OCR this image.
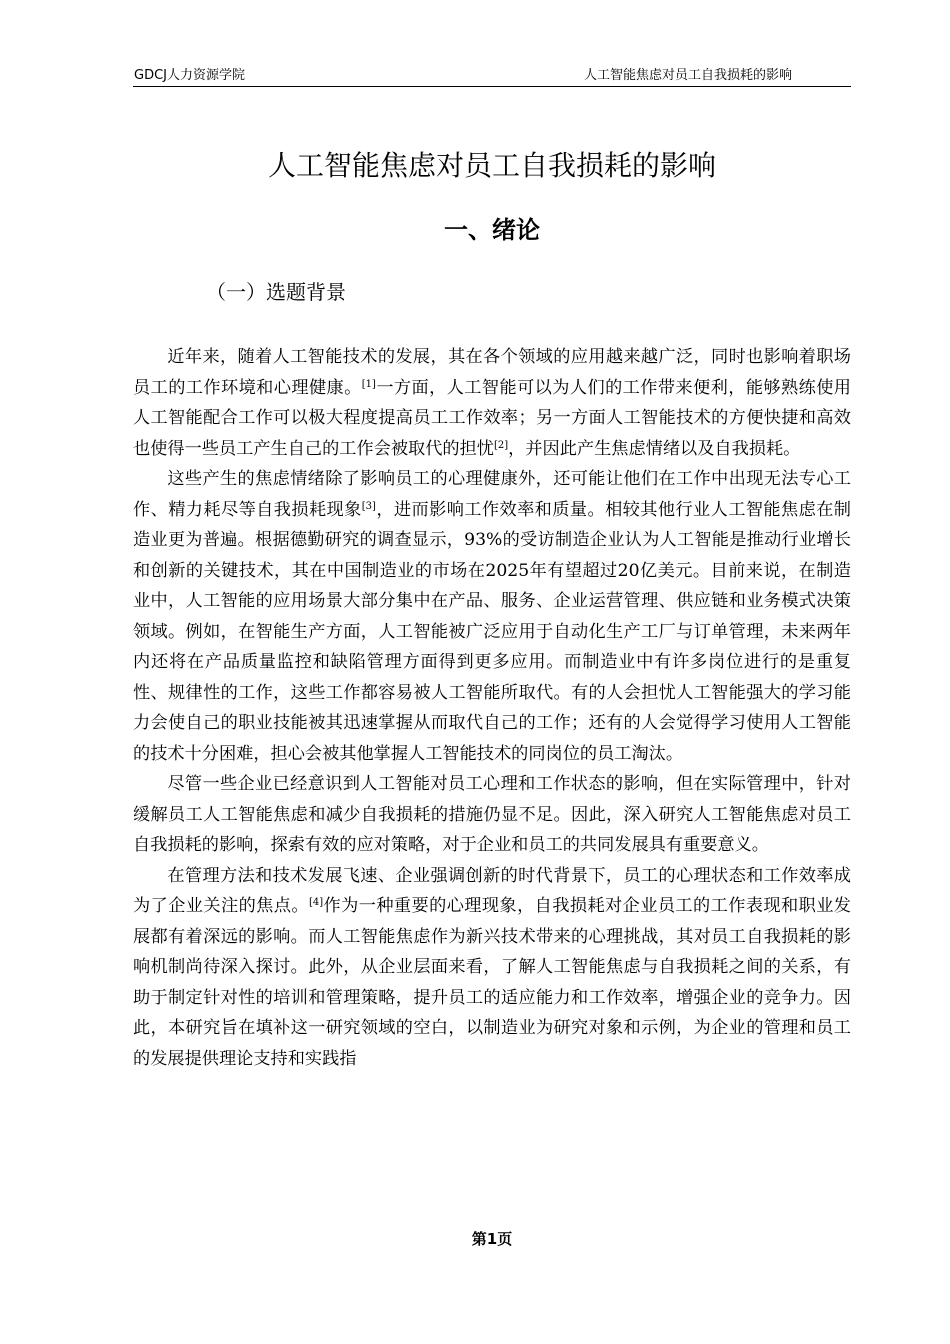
GDCJ人力资源学院	人工智能焦虑对员工自我损耗的影响
人工智能焦虑对员工自我损耗的影响
一、绪论
（一）选题背景

近年来，随着人工智能技术的发展，其在各个领域的应用越来越广泛，同时也影响着职场员工的工作环境和心理健康。[1]一方面，人工智能可以为人们的工作带来便利，能够熟练使用人工智能配合工作可以极大程度提高员工工作效率；另一方面人工智能技术的方便快捷和高效也使得一些员工产生自己的工作会被取代的担忧[2]，并因此产生焦虑情绪以及自我损耗。

这些产生的焦虑情绪除了影响员工的心理健康外，还可能让他们在工作中出现无法专心工作、精力耗尽等自我损耗现象[3]，进而影响工作效率和质量。相较其他行业人工智能焦虑在制造业更为普遍。根据德勤研究的调查显示，93%的受访制造企业认为人工智能是推动行业增长和创新的关键技术，其在中国制造业的市场在2025年有望超过20亿美元。目前来说，在制造业中，人工智能的应用场景大部分集中在产品、服务、企业运营管理、供应链和业务模式决策领域。例如，在智能生产方面，人工智能被广泛应用于自动化生产工厂与订单管理，未来两年内还将在产品质量监控和缺陷管理方面得到更多应用。而制造业中有许多岗位进行的是重复性、规律性的工作，这些工作都容易被人工智能所取代。有的人会担忧人工智能强大的学习能力会使自己的职业技能被其迅速掌握从而取代自己的工作；还有的人会觉得学习使用人工智能的技术十分困难，担心会被其他掌握人工智能技术的同岗位的员工淘汰。

尽管一些企业已经意识到人工智能对员工心理和工作状态的影响，但在实际管理中，针对缓解员工人工智能焦虑和减少自我损耗的措施仍显不足。因此，深入研究人工智能焦虑对员工自我损耗的影响，探索有效的应对策略，对于企业和员工的共同发展具有重要意义。

在管理方法和技术发展飞速、企业强调创新的时代背景下，员工的心理状态和工作效率成为了企业关注的焦点。[4]作为一种重要的心理现象，自我损耗对企业员工的工作表现和职业发展都有着深远的影响。而人工智能焦虑作为新兴技术带来的心理挑战，其对员工自我损耗的影响机制尚待深入探讨。此外，从企业层面来看，了解人工智能焦虑与自我损耗之间的关系，有助于制定针对性的培训和管理策略，提升员工的适应能力和工作效率，增强企业的竞争力。因此，本研究旨在填补这一研究领域的空白，以制造业为研究对象和示例，为企业的管理和员工的发展提供理论支持和实践指

第1页
